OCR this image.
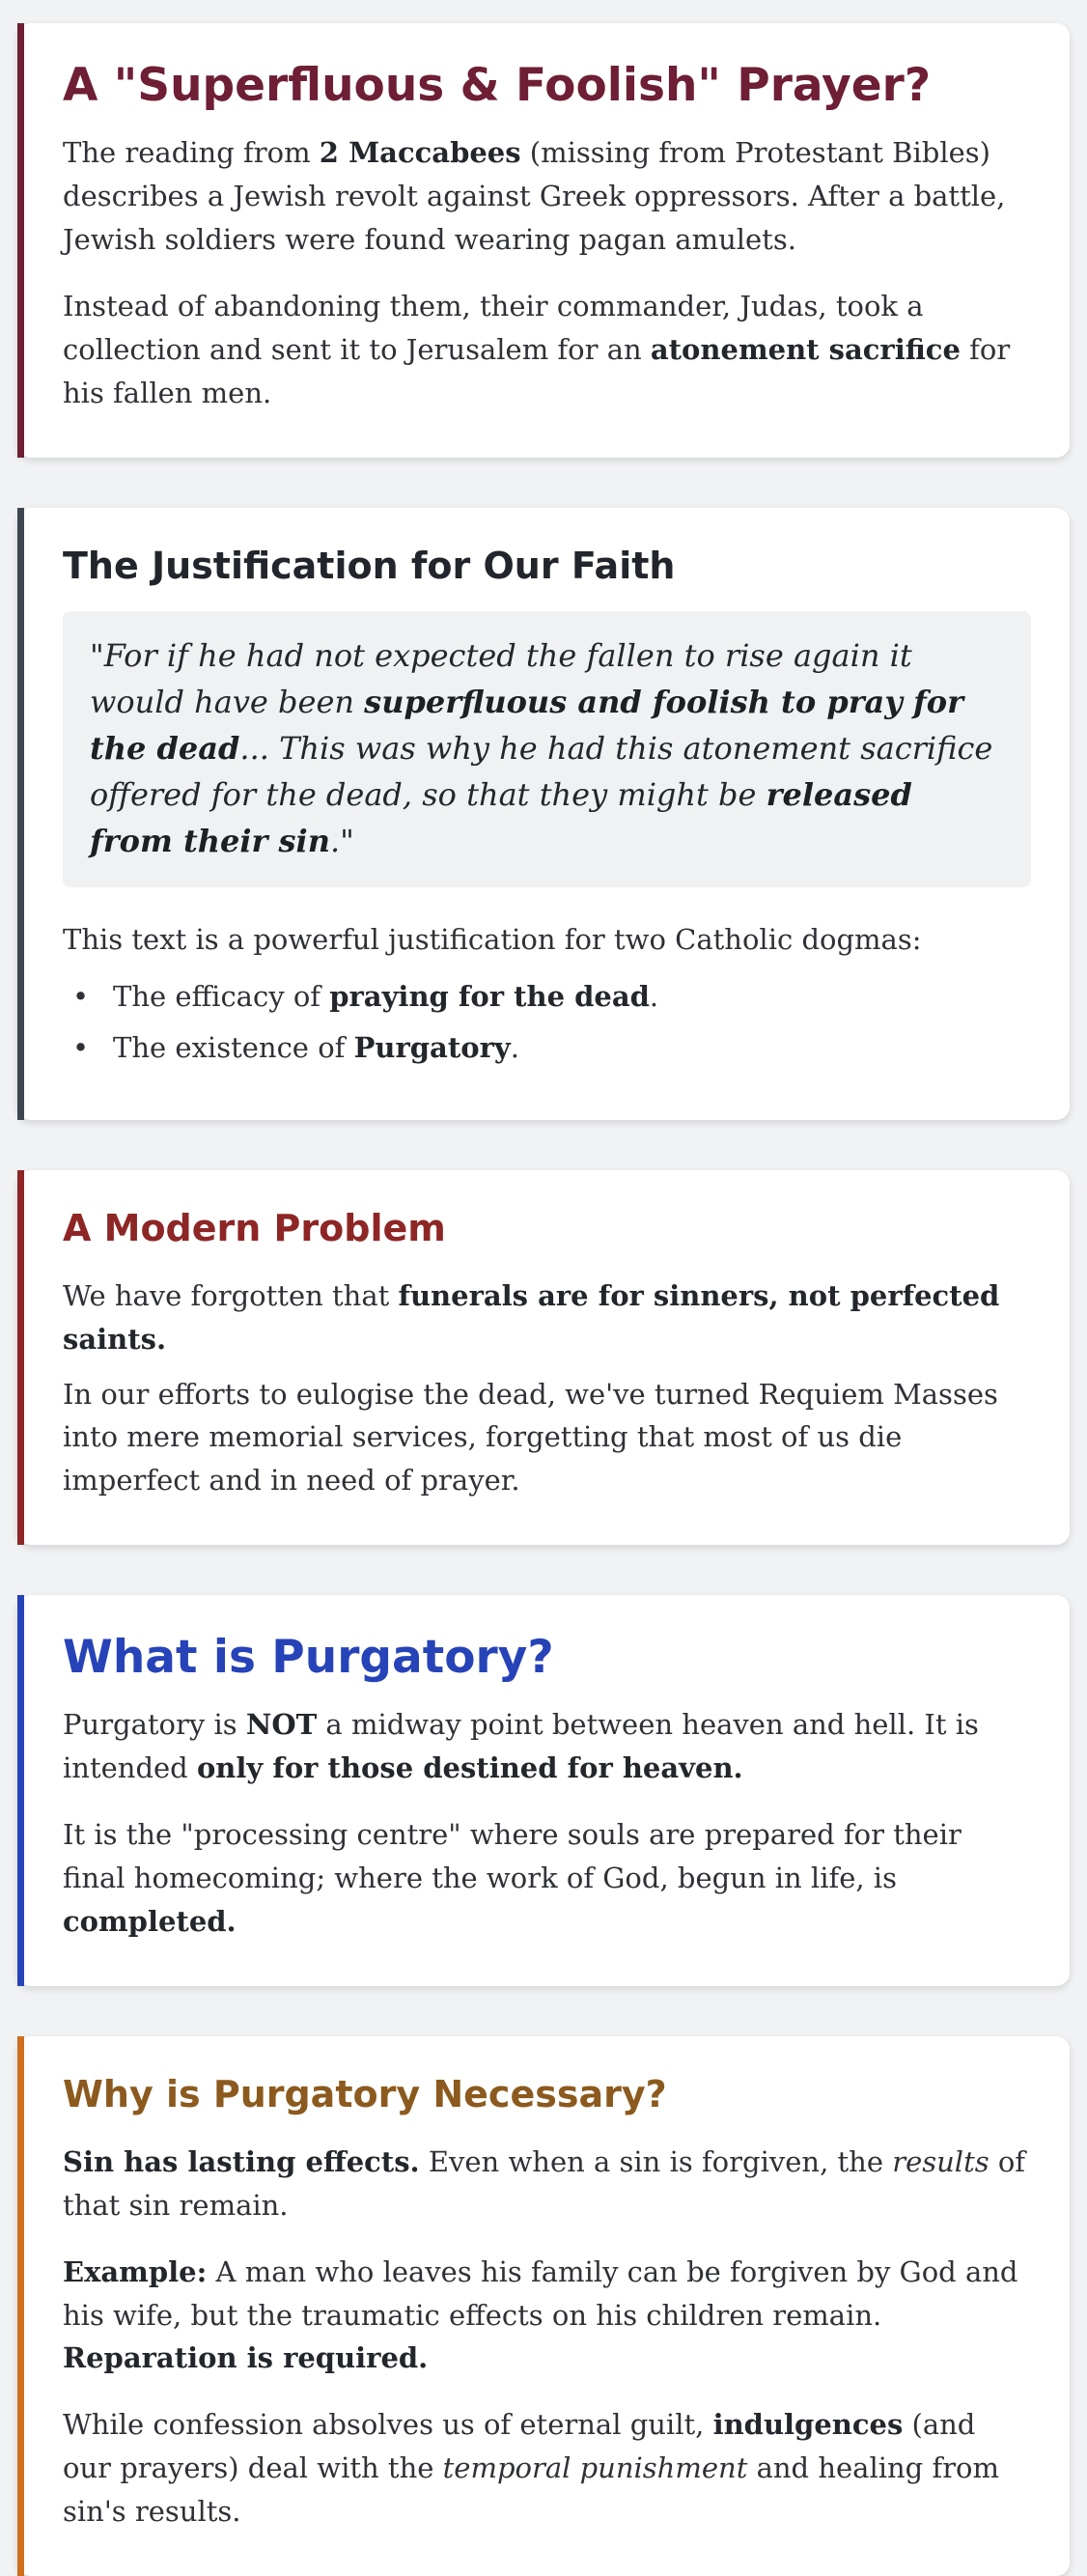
A "Superfluous & Foolish" Prayer?

The reading from 2 Maccabees (missing from Protestant Bibles) describes a Jewish revolt against Greek oppressors. After a battle, Jewish soldiers were found wearing pagan amulets.

Instead of abandoning them, their commander, Judas, took a collection and sent it to Jerusalem for an atonement sacrifice for his fallen men.

The Justification for Our Faith
"For if he had not expected the fallen to rise again it would have been superfluous and foolish to pray for the dead... This was why he had this atonement sacrifice offered for the dead, so that they might be released from their sin."

This text is a powerful justification for two Catholic dogmas:

• The efficacy of praying for the dead.
• The existence of Purgatory.
A Modern Problem

We have forgotten that funerals are for sinners, not perfected saints.

In our efforts to eulogise the dead, we've turned Requiem Masses into mere memorial services, forgetting that most of us die imperfect and in need of prayer.

What is Purgatory?

Purgatory is NOT a midway point between heaven and hell. It is intended only for those destined for heaven.

It is the "processing centre" where souls are prepared for their final homecoming; where the work of God, begun in life, is completed.

Why is Purgatory Necessary?

Sin has lasting effects. Even when a sin is forgiven, the results of that sin remain.

Example: A man who leaves his family can be forgiven by God and his wife, but the traumatic effects on his children remain. Reparation is required.

While confession absolves us of eternal guilt, indulgences (and our prayers) deal with the temporal punishment and healing from sin's results.
